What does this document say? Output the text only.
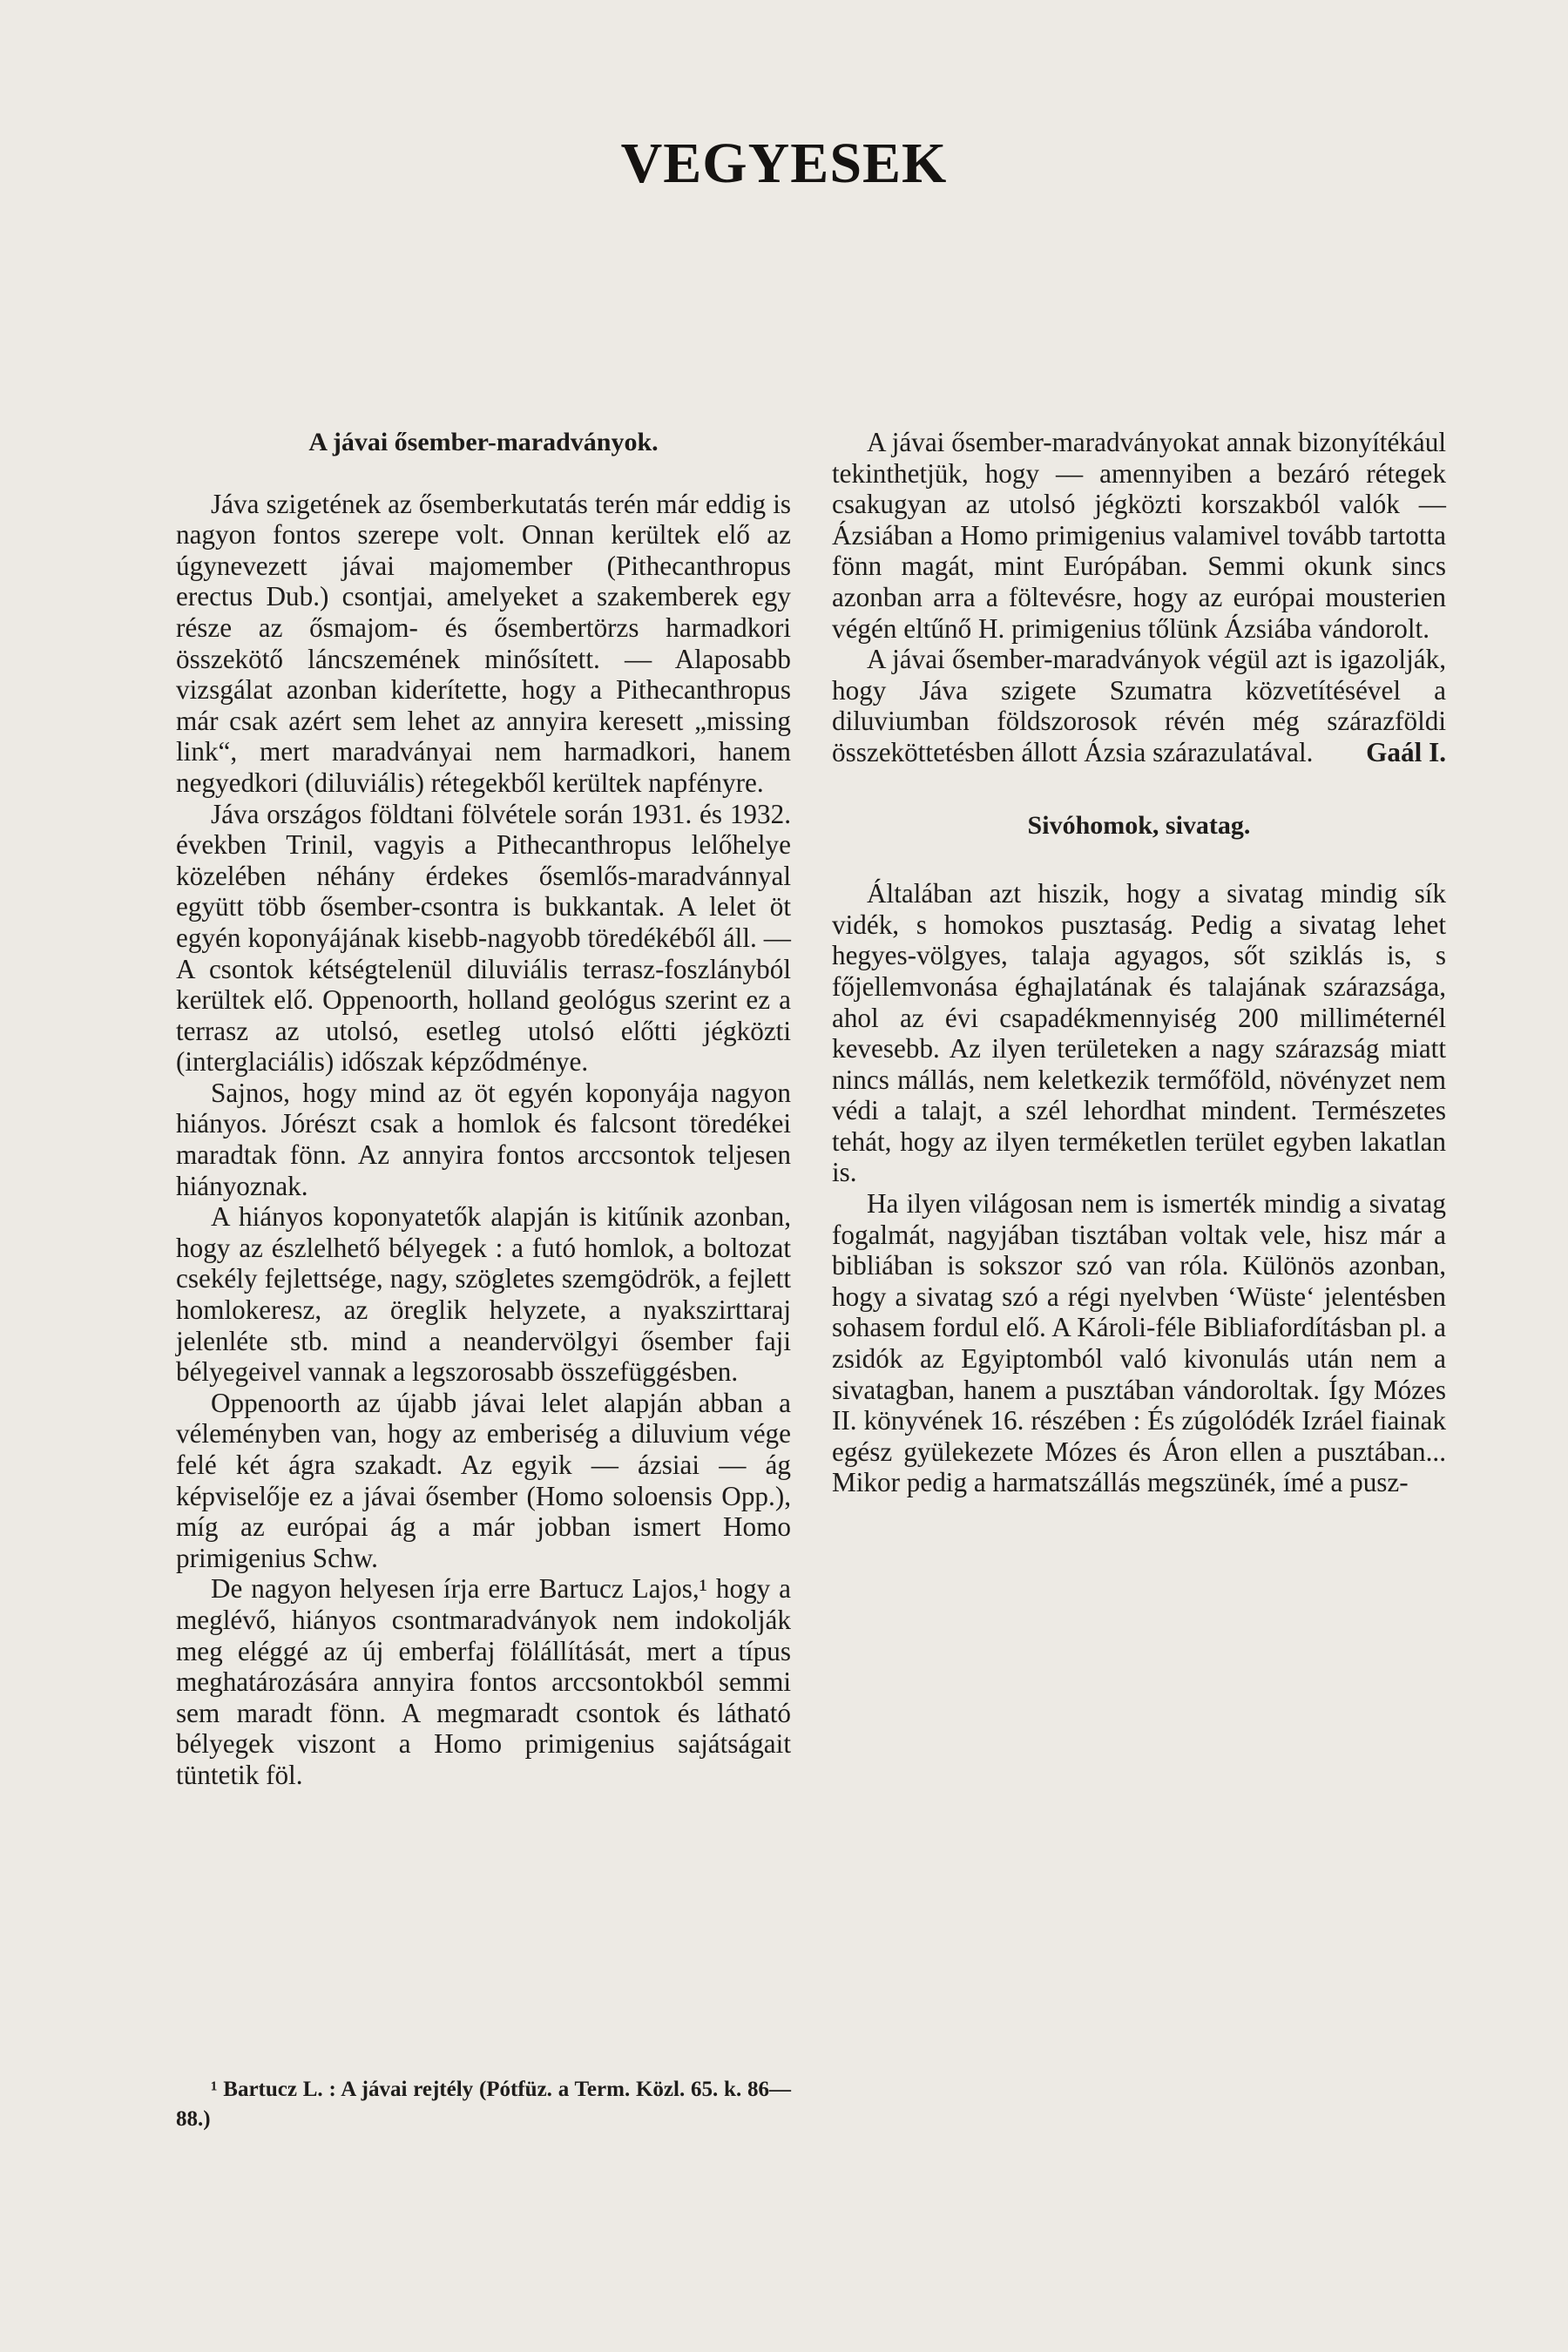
VEGYESEK
A jávai ősember-maradványok.

Jáva szigetének az ősemberkutatás terén már eddig is nagyon fontos szerepe volt. Onnan kerültek elő az úgynevezett jávai majomember (Pithecanthropus erectus Dub.) csontjai, amelyeket a szakemberek egy része az ősmajom- és ősembertörzs harmadkori összekötő láncszemének minősített. — Alaposabb vizsgálat azonban kiderítette, hogy a Pithecanthropus már csak azért sem lehet az annyira keresett „missing link“, mert maradványai nem harmadkori, hanem negyedkori (diluviális) rétegekből kerültek napfényre.

Jáva országos földtani fölvétele során 1931. és 1932. években Trinil, vagyis a Pithecanthropus lelőhelye közelében néhány érdekes ősemlős-maradvánnyal együtt több ősember-csontra is bukkantak. A lelet öt egyén koponyájának kisebb-nagyobb töredékéből áll. — A csontok kétségtelenül diluviális terrasz-foszlányból kerültek elő. Oppenoorth, holland geológus szerint ez a terrasz az utolsó, esetleg utolsó előtti jégközti (interglaciális) időszak képződménye.

Sajnos, hogy mind az öt egyén koponyája nagyon hiányos. Jórészt csak a homlok és falcsont töredékei maradtak fönn. Az annyira fontos arccsontok teljesen hiányoznak.

A hiányos koponyatetők alapján is kitűnik azonban, hogy az észlelhető bélyegek : a futó homlok, a boltozat csekély fejlettsége, nagy, szögletes szemgödrök, a fejlett homlokeresz, az öreglik helyzete, a nyakszirttaraj jelenléte stb. mind a neandervölgyi ősember faji bélyegeivel vannak a legszorosabb összefüggésben.

Oppenoorth az újabb jávai lelet alapján abban a véleményben van, hogy az emberiség a diluvium vége felé két ágra szakadt. Az egyik — ázsiai — ág képviselője ez a jávai ősember (Homo soloensis Opp.), míg az európai ág a már jobban ismert Homo primigenius Schw.

De nagyon helyesen írja erre Bartucz Lajos,¹ hogy a meglévő, hiányos csontmaradványok nem indokolják meg eléggé az új emberfaj fölállítását, mert a típus meghatározására annyira fontos arccsontokból semmi sem maradt fönn. A megmaradt csontok és látható bélyegek viszont a Homo primigenius sajátságait tüntetik föl.

¹ Bartucz L. : A jávai rejtély (Pótfüz. a Term. Közl. 65. k. 86—88.)

A jávai ősember-maradványokat annak bizonyítékául tekinthetjük, hogy — amennyiben a bezáró rétegek csakugyan az utolsó jégközti korszakból valók — Ázsiában a Homo primigenius valamivel tovább tartotta fönn magát, mint Európában. Semmi okunk sincs azonban arra a föltevésre, hogy az európai mousterien végén eltűnő H. primigenius tőlünk Ázsiába vándorolt.

A jávai ősember-maradványok végül azt is igazolják, hogy Jáva szigete Szumatra közvetítésével a diluviumban földszorosok révén még szárazföldi összeköttetésben állott Ázsia szárazulatával.	Gaál I.

Sivóhomok, sivatag.

Általában azt hiszik, hogy a sivatag mindig sík vidék, s homokos pusztaság. Pedig a sivatag lehet hegyes-völgyes, talaja agyagos, sőt sziklás is, s főjellemvonása éghajlatának és talajának szárazsága, ahol az évi csapadékmennyiség 200 milliméternél kevesebb. Az ilyen területeken a nagy szárazság miatt nincs mállás, nem keletkezik termőföld, növényzet nem védi a talajt, a szél lehordhat mindent. Természetes tehát, hogy az ilyen terméketlen terület egyben lakatlan is.

Ha ilyen világosan nem is ismerték mindig a sivatag fogalmát, nagyjában tisztában voltak vele, hisz már a bibliában is sokszor szó van róla. Különös azonban, hogy a sivatag szó a régi nyelvben ‘Wüste‘ jelentésben sohasem fordul elő. A Károli-féle Bibliafordításban pl. a zsidók az Egyiptomból való kivonulás után nem a sivatagban, hanem a pusztában vándoroltak. Így Mózes II. könyvének 16. részében : És zúgolódék Izráel fiainak egész gyülekezete Mózes és Áron ellen a pusztában... Mikor pedig a harmatszállás megszünék, ímé a pusz-
